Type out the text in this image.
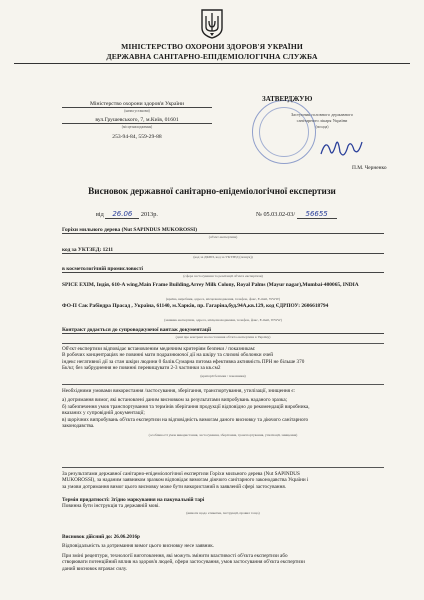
МІНІСТЕРСТВО ОХОРОНИ ЗДОРОВ'Я УКРАЇНИ
ДЕРЖАВНА САНІТАРНО-ЕПІДЕМІОЛОГІЧНА СЛУЖБА
Міністерство охорони здоров'я України
(назва установи)
вул.Грушевського, 7, м.Київ, 01601
(місцезнаходження)
253-94-84, 559-29-88
ЗАТВЕРДЖУЮ
Заступник головного державного
санітарного лікаря України
(посада)
П.М. Черненко
Висновок державної санітарно-епідеміологічної експертизи
від 26.06 2013р.	№ 05.03.02-03/ 56655
Горіхи мильного дерева (Nut SAPINDUS MUKOROSSI)
(об'єкт експертизи)
код за УКТЗЕД: 1211
(код за ДКПП, код за УКТЗЕД (пошук))
в косметологічній промисловості
(сфера застосування та реалізації об'єкта експертизи)
SPICE EXIM, Індія, 610-A wing,Main Frame Building,Arrey Milk Colony, Royal Palms (Mayur nagar),Mumbai-400065, INDIA
(країна, виробник, адреса, місцезнаходження, телефон, факс, E-mail, WWW)
ФО-П Сак Рабіндра Прасад , Україна, 61140, м.Харків, пр. Гагаріна,буд.94А,кв.129, код ЄДРПОУ: 2606618794
(заявник експертизи, адреса, місцезнаходження, телефон, факс, E-mail, WWW)
Контракт додається до супроводжуючої вантаж документації
(дані про контракт на постачання об'єкта експертизи в Україну)
Об'єкт експертизи відповідає встановленим медичним критеріям безпеки / показникам:
В робочих концентраціях не повинні мати подразнюючої дії на шкіру та слизові оболонки очей
індекс негативної дії за стан шкіри людини 0 балів.Сумарна питома ефективна активність ПРН не більше 370
Бк/кг, без забруднення не повинні перевищувати 2-3 частинки за кв.см2
(критерії безпеки / показники)
Необхідними умовами використання /застосування, зберігання, транспортування, утилізації, знищення є:
а) дотримання вимог, які встановлені даним висновком за результатами випробувань наданого зразка;
б) забезпечення умов транспортування та термінів зберігання продукції відповідно до рекомендацій виробника,
вказаних у супровідній документації;
в) щорічних випробувань об'єкта експертизи на відповідність вимогам даного висновку та діючого санітарного
законодавства.
(особливості умов використання, застосування, зберігання, транспортування, утилізації, знищення)
За результатами державної санітарно-епідеміологічної експертизи Горіхи мильного дерева (Nut SAPINDUS
MUKOROSSI), за наданим заявником зразком відповідає вимогам діючого санітарного законодавства України і
за умови дотримання вимог цього висновку може бути використаний в заявленій сфері застосування.
Термін придатності: Згідно маркування на пакувальній тарі
Повинна бути інструкція та державній мові.
(вимоги щодо етикетки, інструкції, правил тощо)
Висновок дійсний до: 26.06.2016р
Відповідальність за дотримання вимог цього висновку несе заявник.
При зміні рецептури, технології виготовлення, які можуть змінити властивості об'єкта експертизи або
створювати потенційний вплив на здоров'я людей, сфери застосування, умов застосування об'єкта експертизи
даний висновок втрачає силу.
